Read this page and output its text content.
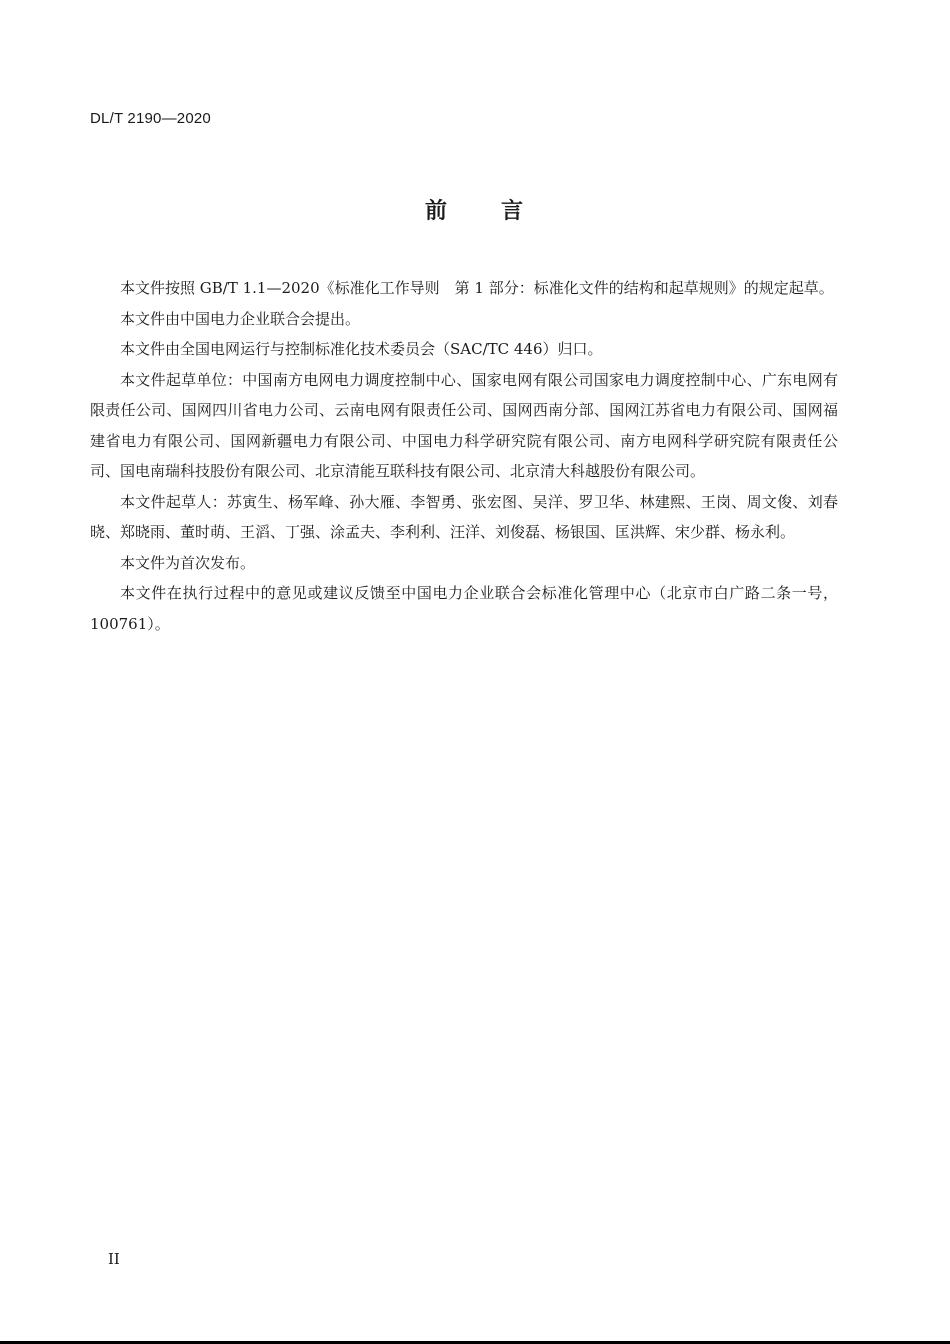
DL/T 2190—2020
前 言

本文件按照 GB/T 1.1—2020《标准化工作导则　第 1 部分：标准化文件的结构和起草规则》的规定起草。

本文件由中国电力企业联合会提出。

本文件由全国电网运行与控制标准化技术委员会（SAC/TC 446）归口。

本文件起草单位：中国南方电网电力调度控制中心、国家电网有限公司国家电力调度控制中心、广东电网有限责任公司、国网四川省电力公司、云南电网有限责任公司、国网西南分部、国网江苏省电力有限公司、国网福建省电力有限公司、国网新疆电力有限公司、中国电力科学研究院有限公司、南方电网科学研究院有限责任公司、国电南瑞科技股份有限公司、北京清能互联科技有限公司、北京清大科越股份有限公司。

本文件起草人：苏寅生、杨军峰、孙大雁、李智勇、张宏图、吴洋、罗卫华、林建熙、王岗、周文俊、刘春晓、郑晓雨、董时萌、王滔、丁强、涂孟夫、李利利、汪洋、刘俊磊、杨银国、匡洪辉、宋少群、杨永利。

本文件为首次发布。

本文件在执行过程中的意见或建议反馈至中国电力企业联合会标准化管理中心（北京市白广路二条一号，100761）。

II
